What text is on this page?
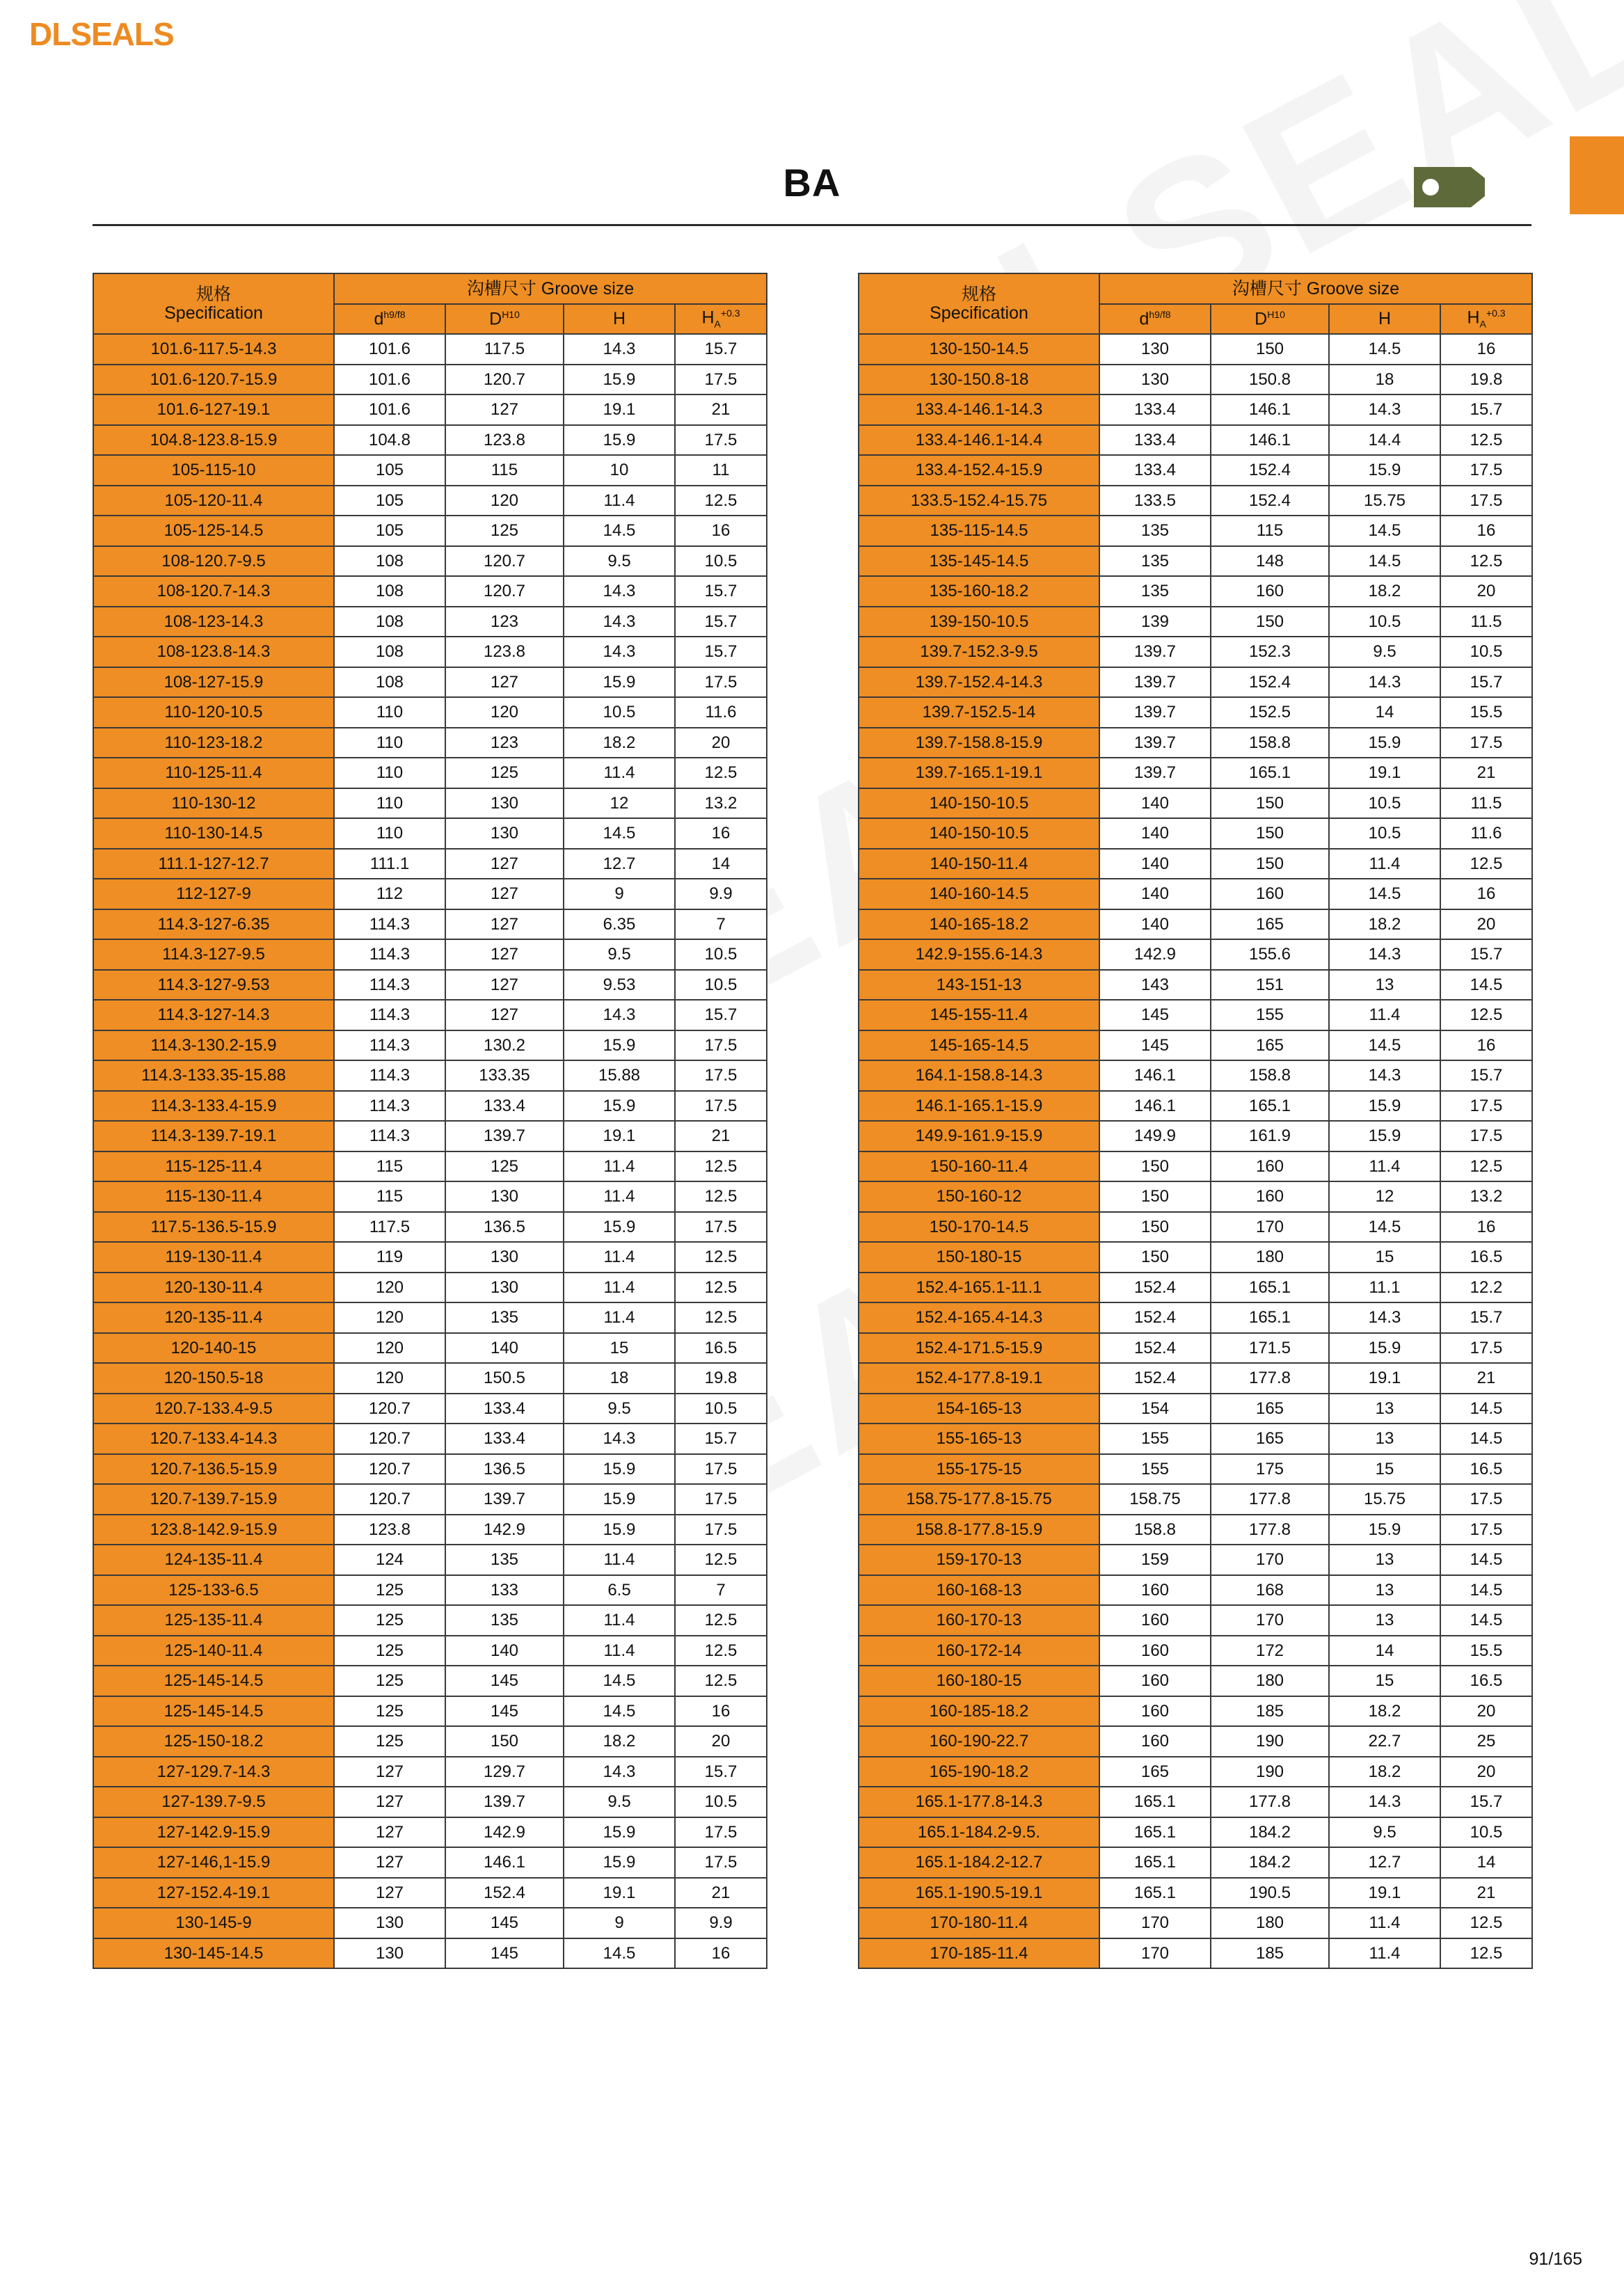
DLSEALS
BA
规格
Specification	沟槽尺寸 Groove size			
	$d^{h9/f8}$	$D^{H10}$	H	$H_A^{+0.3}$
101.6-117.5-14.3	101.6	117.5	14.3	15.7
101.6-120.7-15.9	101.6	120.7	15.9	17.5
101.6-127-19.1	101.6	127	19.1	21
104.8-123.8-15.9	104.8	123.8	15.9	17.5
105-115-10	105	115	10	11
105-120-11.4	105	120	11.4	12.5
105-125-14.5	105	125	14.5	16
108-120.7-9.5	108	120.7	9.5	10.5
108-120.7-14.3	108	120.7	14.3	15.7
108-123-14.3	108	123	14.3	15.7
108-123.8-14.3	108	123.8	14.3	15.7
108-127-15.9	108	127	15.9	17.5
110-120-10.5	110	120	10.5	11.6
110-123-18.2	110	123	18.2	20
110-125-11.4	110	125	11.4	12.5
110-130-12	110	130	12	13.2
110-130-14.5	110	130	14.5	16
111.1-127-12.7	111.1	127	12.7	14
112-127-9	112	127	9	9.9
114.3-127-6.35	114.3	127	6.35	7
114.3-127-9.5	114.3	127	9.5	10.5
114.3-127-9.53	114.3	127	9.53	10.5
114.3-127-14.3	114.3	127	14.3	15.7
114.3-130.2-15.9	114.3	130.2	15.9	17.5
114.3-133.35-15.88	114.3	133.35	15.88	17.5
114.3-133.4-15.9	114.3	133.4	15.9	17.5
114.3-139.7-19.1	114.3	139.7	19.1	21
115-125-11.4	115	125	11.4	12.5
115-130-11.4	115	130	11.4	12.5
117.5-136.5-15.9	117.5	136.5	15.9	17.5
119-130-11.4	119	130	11.4	12.5
120-130-11.4	120	130	11.4	12.5
120-135-11.4	120	135	11.4	12.5
120-140-15	120	140	15	16.5
120-150.5-18	120	150.5	18	19.8
120.7-133.4-9.5	120.7	133.4	9.5	10.5
120.7-133.4-14.3	120.7	133.4	14.3	15.7
120.7-136.5-15.9	120.7	136.5	15.9	17.5
120.7-139.7-15.9	120.7	139.7	15.9	17.5
123.8-142.9-15.9	123.8	142.9	15.9	17.5
124-135-11.4	124	135	11.4	12.5
125-133-6.5	125	133	6.5	7
125-135-11.4	125	135	11.4	12.5
125-140-11.4	125	140	11.4	12.5
125-145-14.5	125	145	14.5	12.5
125-145-14.5	125	145	14.5	16
125-150-18.2	125	150	18.2	20
127-129.7-14.3	127	129.7	14.3	15.7
127-139.7-9.5	127	139.7	9.5	10.5
127-142.9-15.9	127	142.9	15.9	17.5
127-146,1-15.9	127	146.1	15.9	17.5
127-152.4-19.1	127	152.4	19.1	21
130-145-9	130	145	9	9.9
130-145-14.5	130	145	14.5	16
规格
Specification	沟槽尺寸 Groove size			
	$d^{h9/f8}$	$D^{H10}$	H	$H_A^{+0.3}$
130-150-14.5	130	150	14.5	16
130-150.8-18	130	150.8	18	19.8
133.4-146.1-14.3	133.4	146.1	14.3	15.7
133.4-146.1-14.4	133.4	146.1	14.4	12.5
133.4-152.4-15.9	133.4	152.4	15.9	17.5
133.5-152.4-15.75	133.5	152.4	15.75	17.5
135-115-14.5	135	115	14.5	16
135-145-14.5	135	148	14.5	12.5
135-160-18.2	135	160	18.2	20
139-150-10.5	139	150	10.5	11.5
139.7-152.3-9.5	139.7	152.3	9.5	10.5
139.7-152.4-14.3	139.7	152.4	14.3	15.7
139.7-152.5-14	139.7	152.5	14	15.5
139.7-158.8-15.9	139.7	158.8	15.9	17.5
139.7-165.1-19.1	139.7	165.1	19.1	21
140-150-10.5	140	150	10.5	11.5
140-150-10.5	140	150	10.5	11.6
140-150-11.4	140	150	11.4	12.5
140-160-14.5	140	160	14.5	16
140-165-18.2	140	165	18.2	20
142.9-155.6-14.3	142.9	155.6	14.3	15.7
143-151-13	143	151	13	14.5
145-155-11.4	145	155	11.4	12.5
145-165-14.5	145	165	14.5	16
164.1-158.8-14.3	146.1	158.8	14.3	15.7
146.1-165.1-15.9	146.1	165.1	15.9	17.5
149.9-161.9-15.9	149.9	161.9	15.9	17.5
150-160-11.4	150	160	11.4	12.5
150-160-12	150	160	12	13.2
150-170-14.5	150	170	14.5	16
150-180-15	150	180	15	16.5
152.4-165.1-11.1	152.4	165.1	11.1	12.2
152.4-165.4-14.3	152.4	165.1	14.3	15.7
152.4-171.5-15.9	152.4	171.5	15.9	17.5
152.4-177.8-19.1	152.4	177.8	19.1	21
154-165-13	154	165	13	14.5
155-165-13	155	165	13	14.5
155-175-15	155	175	15	16.5
158.75-177.8-15.75	158.75	177.8	15.75	17.5
158.8-177.8-15.9	158.8	177.8	15.9	17.5
159-170-13	159	170	13	14.5
160-168-13	160	168	13	14.5
160-170-13	160	170	13	14.5
160-172-14	160	172	14	15.5
160-180-15	160	180	15	16.5
160-185-18.2	160	185	18.2	20
160-190-22.7	160	190	22.7	25
165-190-18.2	165	190	18.2	20
165.1-177.8-14.3	165.1	177.8	14.3	15.7
165.1-184.2-9.5.	165.1	184.2	9.5	10.5
165.1-184.2-12.7	165.1	184.2	12.7	14
165.1-190.5-19.1	165.1	190.5	19.1	21
170-180-11.4	170	180	11.4	12.5
170-185-11.4	170	185	11.4	12.5
91/165
